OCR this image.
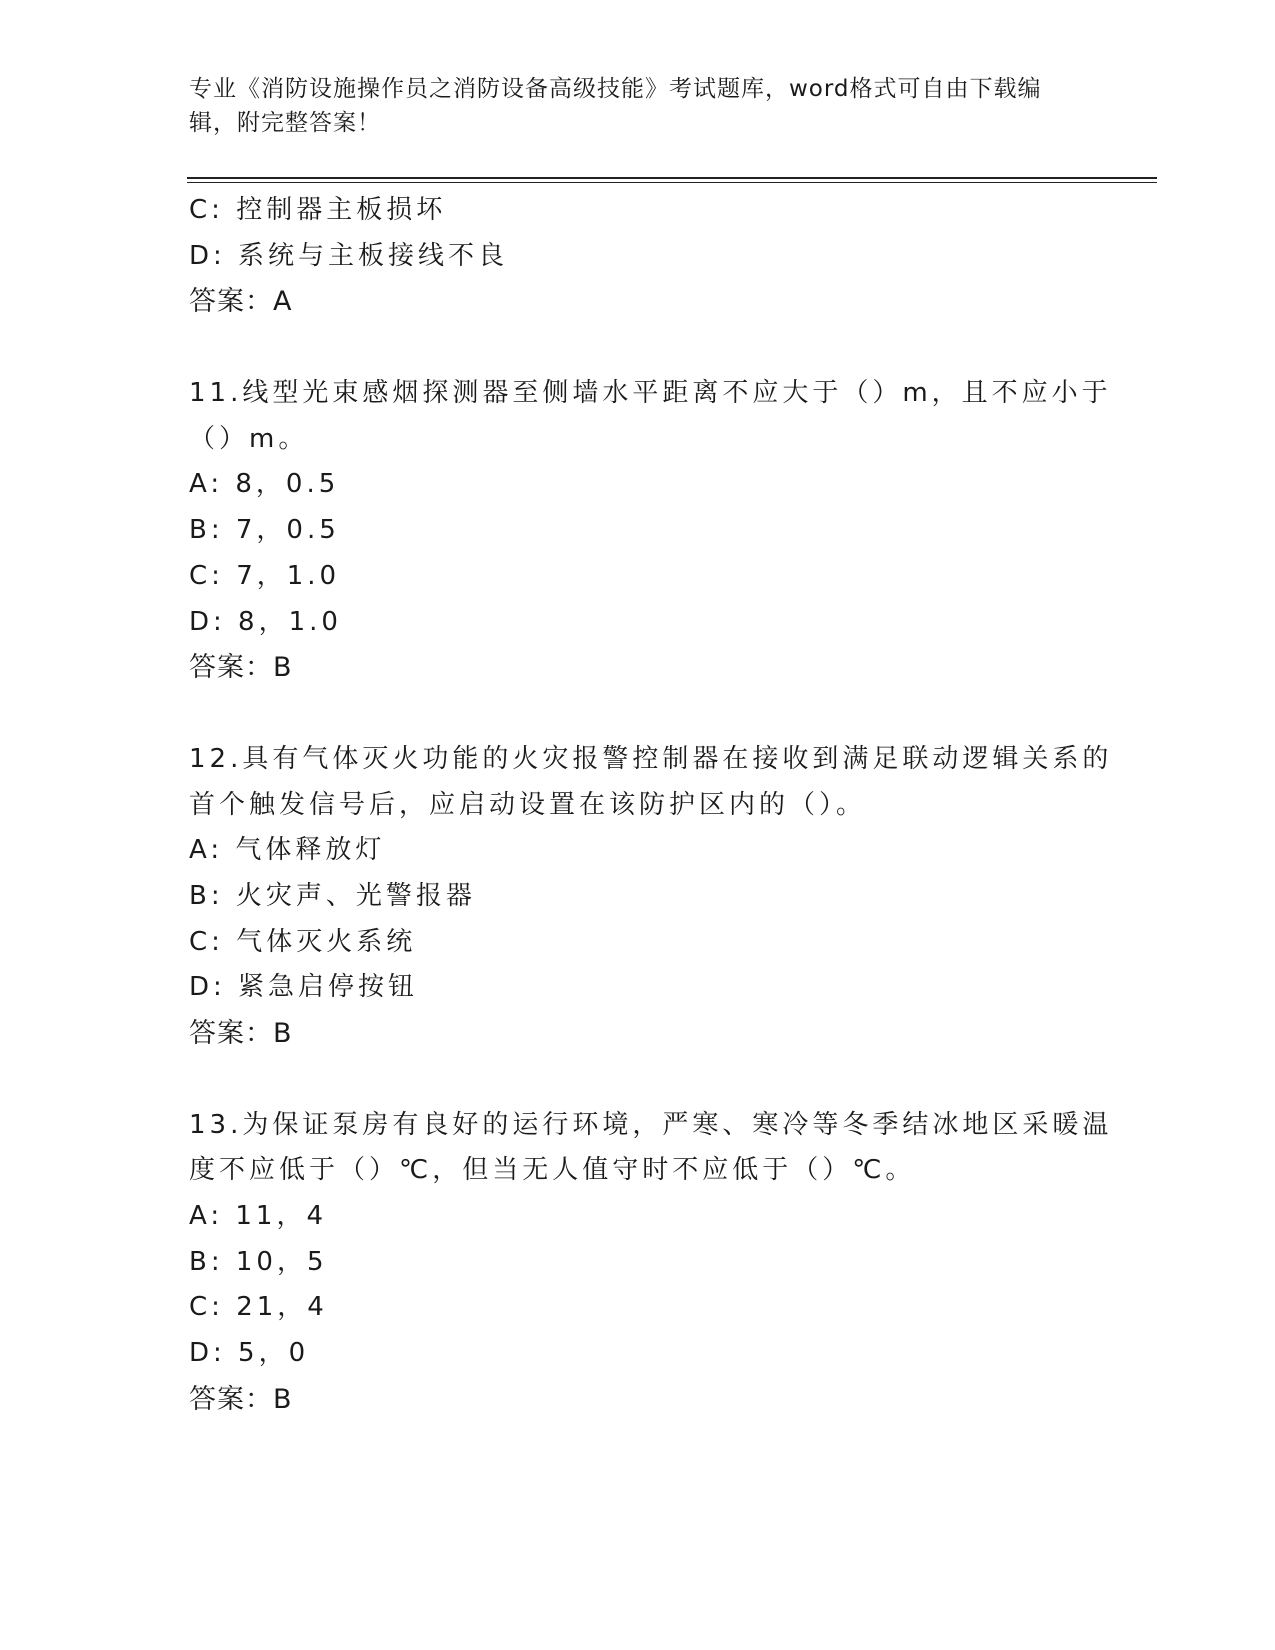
专业《消防设施操作员之消防设备高级技能》考试题库，word格式可自由下载编辑，附完整答案！
C: 控制器主板损坏
D: 系统与主板接线不良
答案：A
11.线型光束感烟探测器至侧墙水平距离不应大于（）m，且不应小于
（）m。
A: 8，0.5
B: 7，0.5
C: 7，1.0
D: 8，1.0
答案：B
12.具有气体灭火功能的火灾报警控制器在接收到满足联动逻辑关系的
首个触发信号后，应启动设置在该防护区内的（）。
A: 气体释放灯
B: 火灾声、光警报器
C: 气体灭火系统
D: 紧急启停按钮
答案：B
13.为保证泵房有良好的运行环境，严寒、寒冷等冬季结冰地区采暖温
度不应低于（）℃，但当无人值守时不应低于（）℃。
A: 11，4
B: 10，5
C: 21，4
D: 5，0
答案：B
